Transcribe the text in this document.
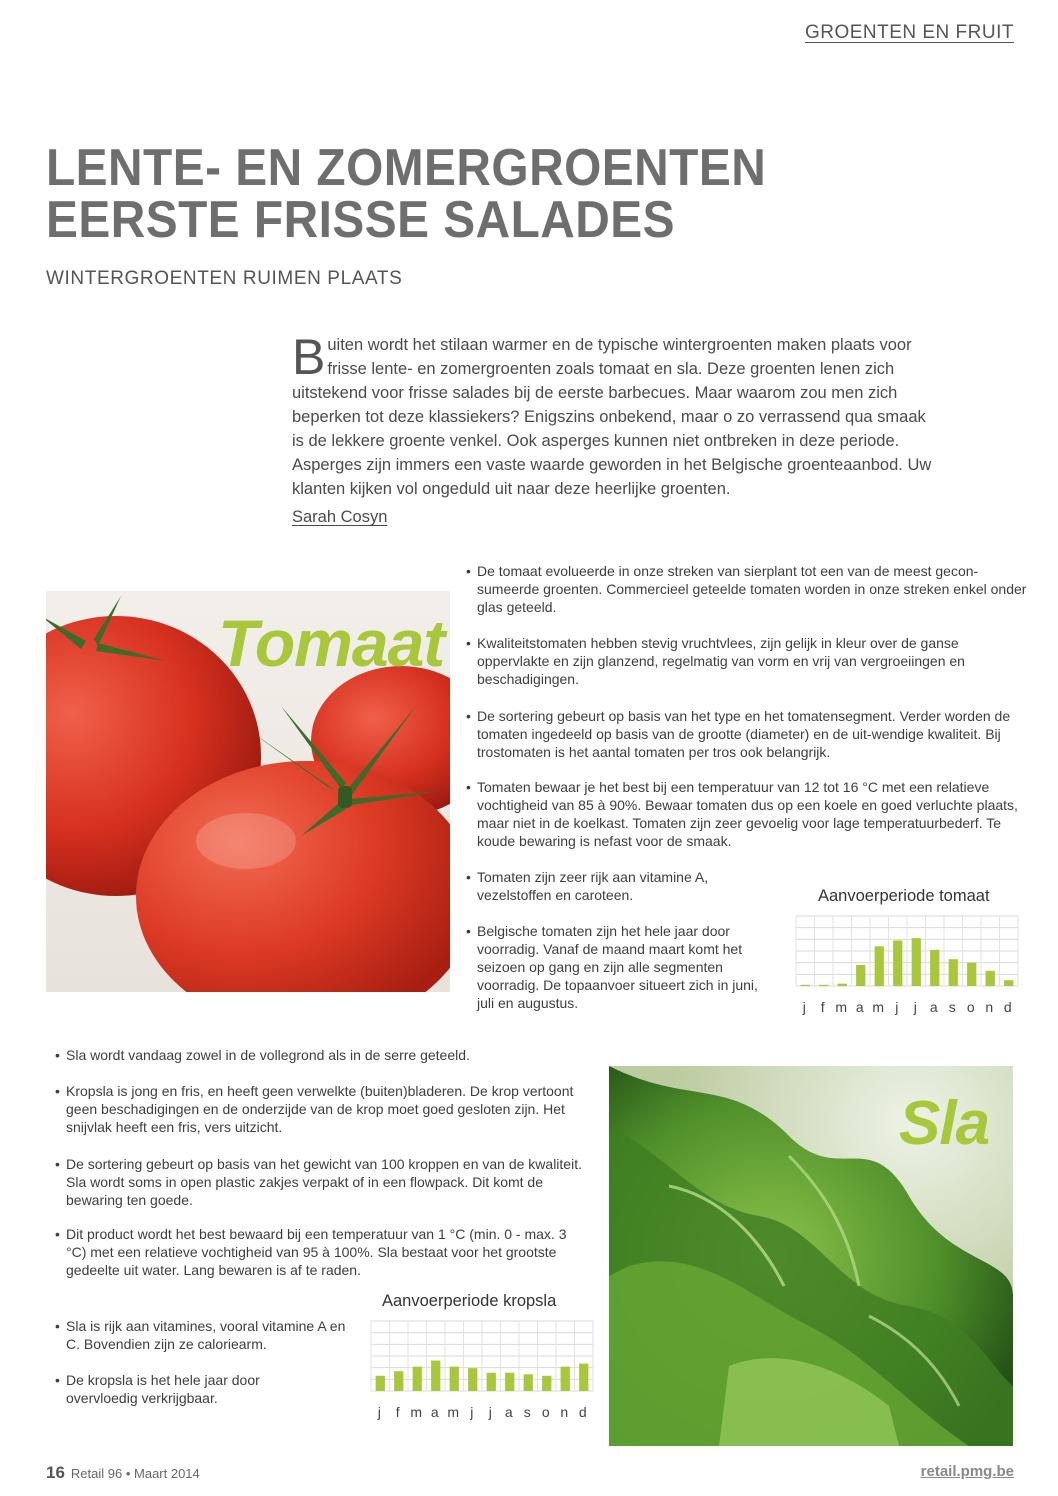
GROENTEN EN FRUIT
LENTE- EN ZOMERGROENTEN
EERSTE FRISSE SALADES
WINTERGROENTEN RUIMEN PLAATS
Buiten wordt het stilaan warmer en de typische wintergroenten maken plaats voor frisse lente- en zomergroenten zoals tomaat en sla. Deze groenten lenen zich uitstekend voor frisse salades bij de eerste barbecues. Maar waarom zou men zich beperken tot deze klassiekers? Enigszins onbekend, maar o zo verrassend qua smaak is de lekkere groente venkel. Ook asperges kunnen niet ontbreken in deze periode. Asperges zijn immers een vaste waarde geworden in het Belgische groenteaanbod. Uw klanten kijken vol ongeduld uit naar deze heerlijke groenten.
Sarah Cosyn
Tomaat
• De tomaat evolueerde in onze streken van sierplant tot een van de meest gecon-sumeerde groenten. Commercieel geteelde tomaten worden in onze streken enkel onder glas geteeld.
• Kwaliteitstomaten hebben stevig vruchtvlees, zijn gelijk in kleur over de ganse oppervlakte en zijn glanzend, regelmatig van vorm en vrij van vergroeiingen en beschadigingen.
• De sortering gebeurt op basis van het type en het tomatensegment. Verder worden de tomaten ingedeeld op basis van de grootte (diameter) en de uit-wendige kwaliteit. Bij trostomaten is het aantal tomaten per tros ook belangrijk.
• Tomaten bewaar je het best bij een temperatuur van 12 tot 16 °C met een relatieve vochtigheid van 85 à 90%. Bewaar tomaten dus op een koele en goed verluchte plaats, maar niet in de koelkast. Tomaten zijn zeer gevoelig voor lage temperatuurbederf. Te koude bewaring is nefast voor de smaak.
• Tomaten zijn zeer rijk aan vitamine A, vezelstoffen en caroteen.
• Belgische tomaten zijn het hele jaar door voorradig. Vanaf de maand maart komt het seizoen op gang en zijn alle segmenten voorradig. De topaanvoer situeert zich in juni, juli en augustus.
Aanvoerperiode tomaat
j f m a m j j a s o n d
• Sla wordt vandaag zowel in de vollegrond als in de serre geteeld.
• Kropsla is jong en fris, en heeft geen verwelkte (buiten)bladeren. De krop vertoont geen beschadigingen en de onderzijde van de krop moet goed gesloten zijn. Het snijvlak heeft een fris, vers uitzicht.
• De sortering gebeurt op basis van het gewicht van 100 kroppen en van de kwaliteit. Sla wordt soms in open plastic zakjes verpakt of in een flowpack. Dit komt de bewaring ten goede.
• Dit product wordt het best bewaard bij een temperatuur van 1 °C (min. 0 - max. 3 °C) met een relatieve vochtigheid van 95 à 100%. Sla bestaat voor het grootste gedeelte uit water. Lang bewaren is af te raden.
• Sla is rijk aan vitamines, vooral vitamine A en C. Bovendien zijn ze caloriearm.
• De kropsla is het hele jaar door overvloedig verkrijgbaar.
Aanvoerperiode kropsla
j f m a m j j a s o n d
Sla
16 Retail 96 • Maart 2014	retail.pmg.be
